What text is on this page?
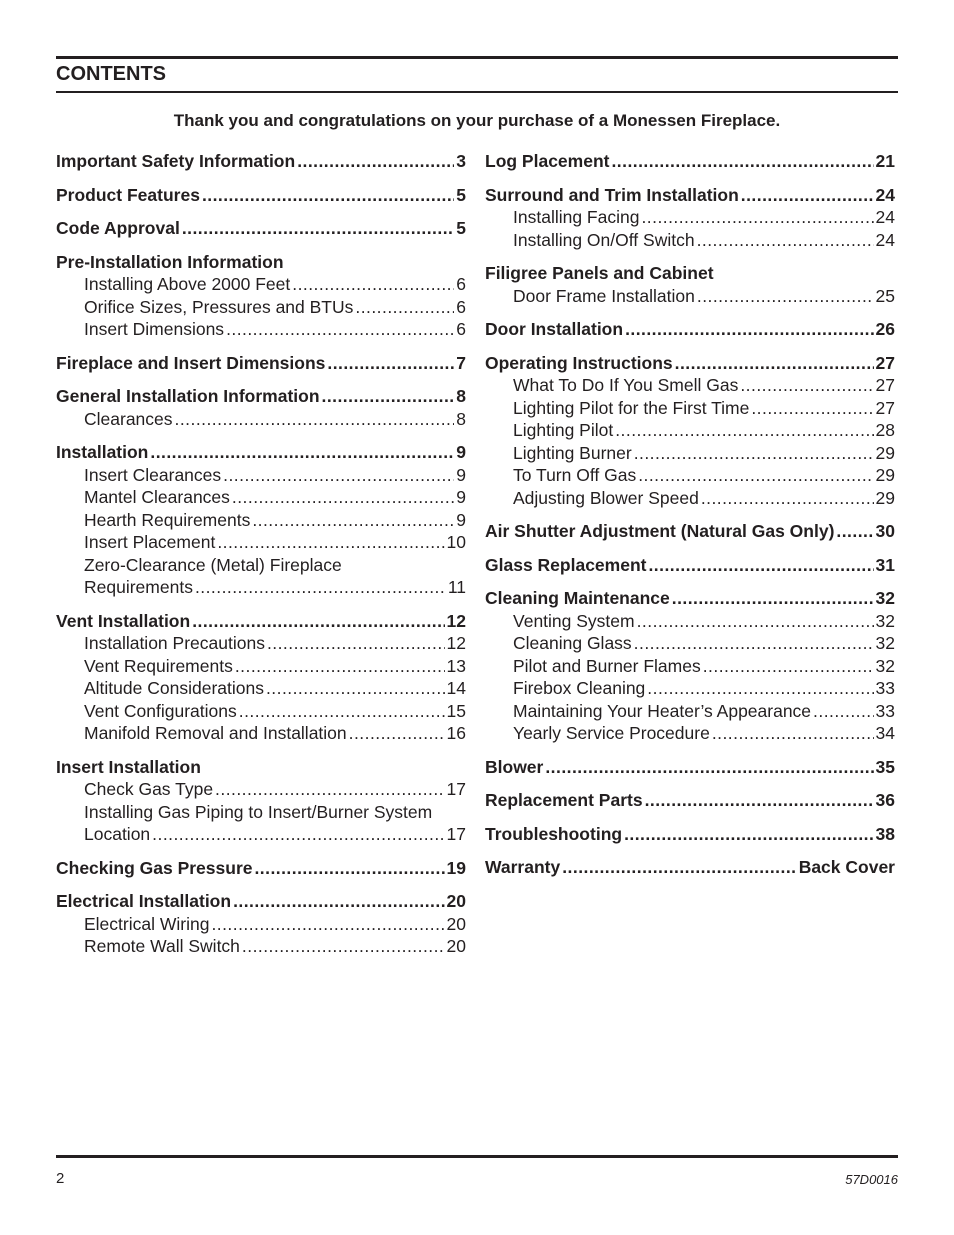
CONTENTS
Thank you and congratulations on your purchase of a Monessen Fireplace.
Important Safety Information . . .	3
Product Features . . .	5
Code Approval . . .	5
Pre-Installation Information
Installing Above 2000 Feet . . .	6
Orifice Sizes, Pressures and BTUs . . .	6
Insert Dimensions . . .	6
Fireplace and Insert Dimensions . . .	7
General Installation Information . . .	8
Clearances . . .	8
Installation . . .	9
Insert Clearances . . .	9
Mantel Clearances . . .	9
Hearth Requirements . . .	9
Insert Placement . . .	10
Zero-Clearance (Metal) Fireplace
Requirements . . .	11
Vent Installation . . .	12
Installation Precautions . . .	12
Vent Requirements . . .	13
Altitude Considerations . . .	14
Vent Configurations . . .	15
Manifold Removal and Installation . . .	16
Insert Installation
Check Gas Type . . .	17
Installing Gas Piping to Insert/Burner System
Location . . .	17
Checking Gas Pressure . . .	19
Electrical Installation . . .	20
Electrical Wiring . . .	20
Remote Wall Switch . . .	20
Log Placement . . .	21
Surround and Trim Installation . . .	24
Installing Facing . . .	24
Installing On/Off Switch . . .	24
Filigree Panels and Cabinet
Door Frame Installation . . .	25
Door Installation . . .	26
Operating Instructions . . .	27
What To Do If You Smell Gas . . .	27
Lighting Pilot for the First Time . . .	27
Lighting Pilot . . .	28
Lighting Burner . . .	29
To Turn Off Gas . . .	29
Adjusting Blower Speed . . .	29
Air Shutter Adjustment (Natural Gas Only) . . . 30
Glass Replacement . . .	31
Cleaning Maintenance . . .	32
Venting System . . .	32
Cleaning Glass . . .	32
Pilot and Burner Flames . . .	32
Firebox Cleaning . . .	33
Maintaining Your Heater’s Appearance . . .	33
Yearly Service Procedure . . .	34
Blower . . .	35
Replacement Parts . . .	36
Troubleshooting . . .	38
Warranty . . .	Back Cover
2	57D0016
